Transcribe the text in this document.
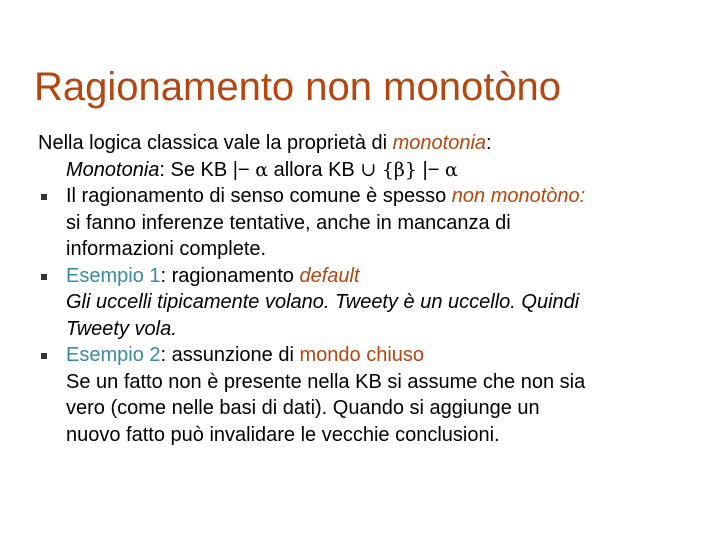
Ragionamento non monotòno
Nella logica classica vale la proprietà di monotonia:
Monotonia: Se KB |− α allora KB ∪ {β} |− α
Il ragionamento di senso comune è spesso non monotòno:
si fanno inferenze tentative, anche in mancanza di
informazioni complete.
Esempio 1: ragionamento default
Gli uccelli tipicamente volano. Tweety è un uccello. Quindi
Tweety vola.
Esempio 2: assunzione di mondo chiuso
Se un fatto non è presente nella KB si assume che non sia
vero (come nelle basi di dati). Quando si aggiunge un
nuovo fatto può invalidare le vecchie conclusioni.
